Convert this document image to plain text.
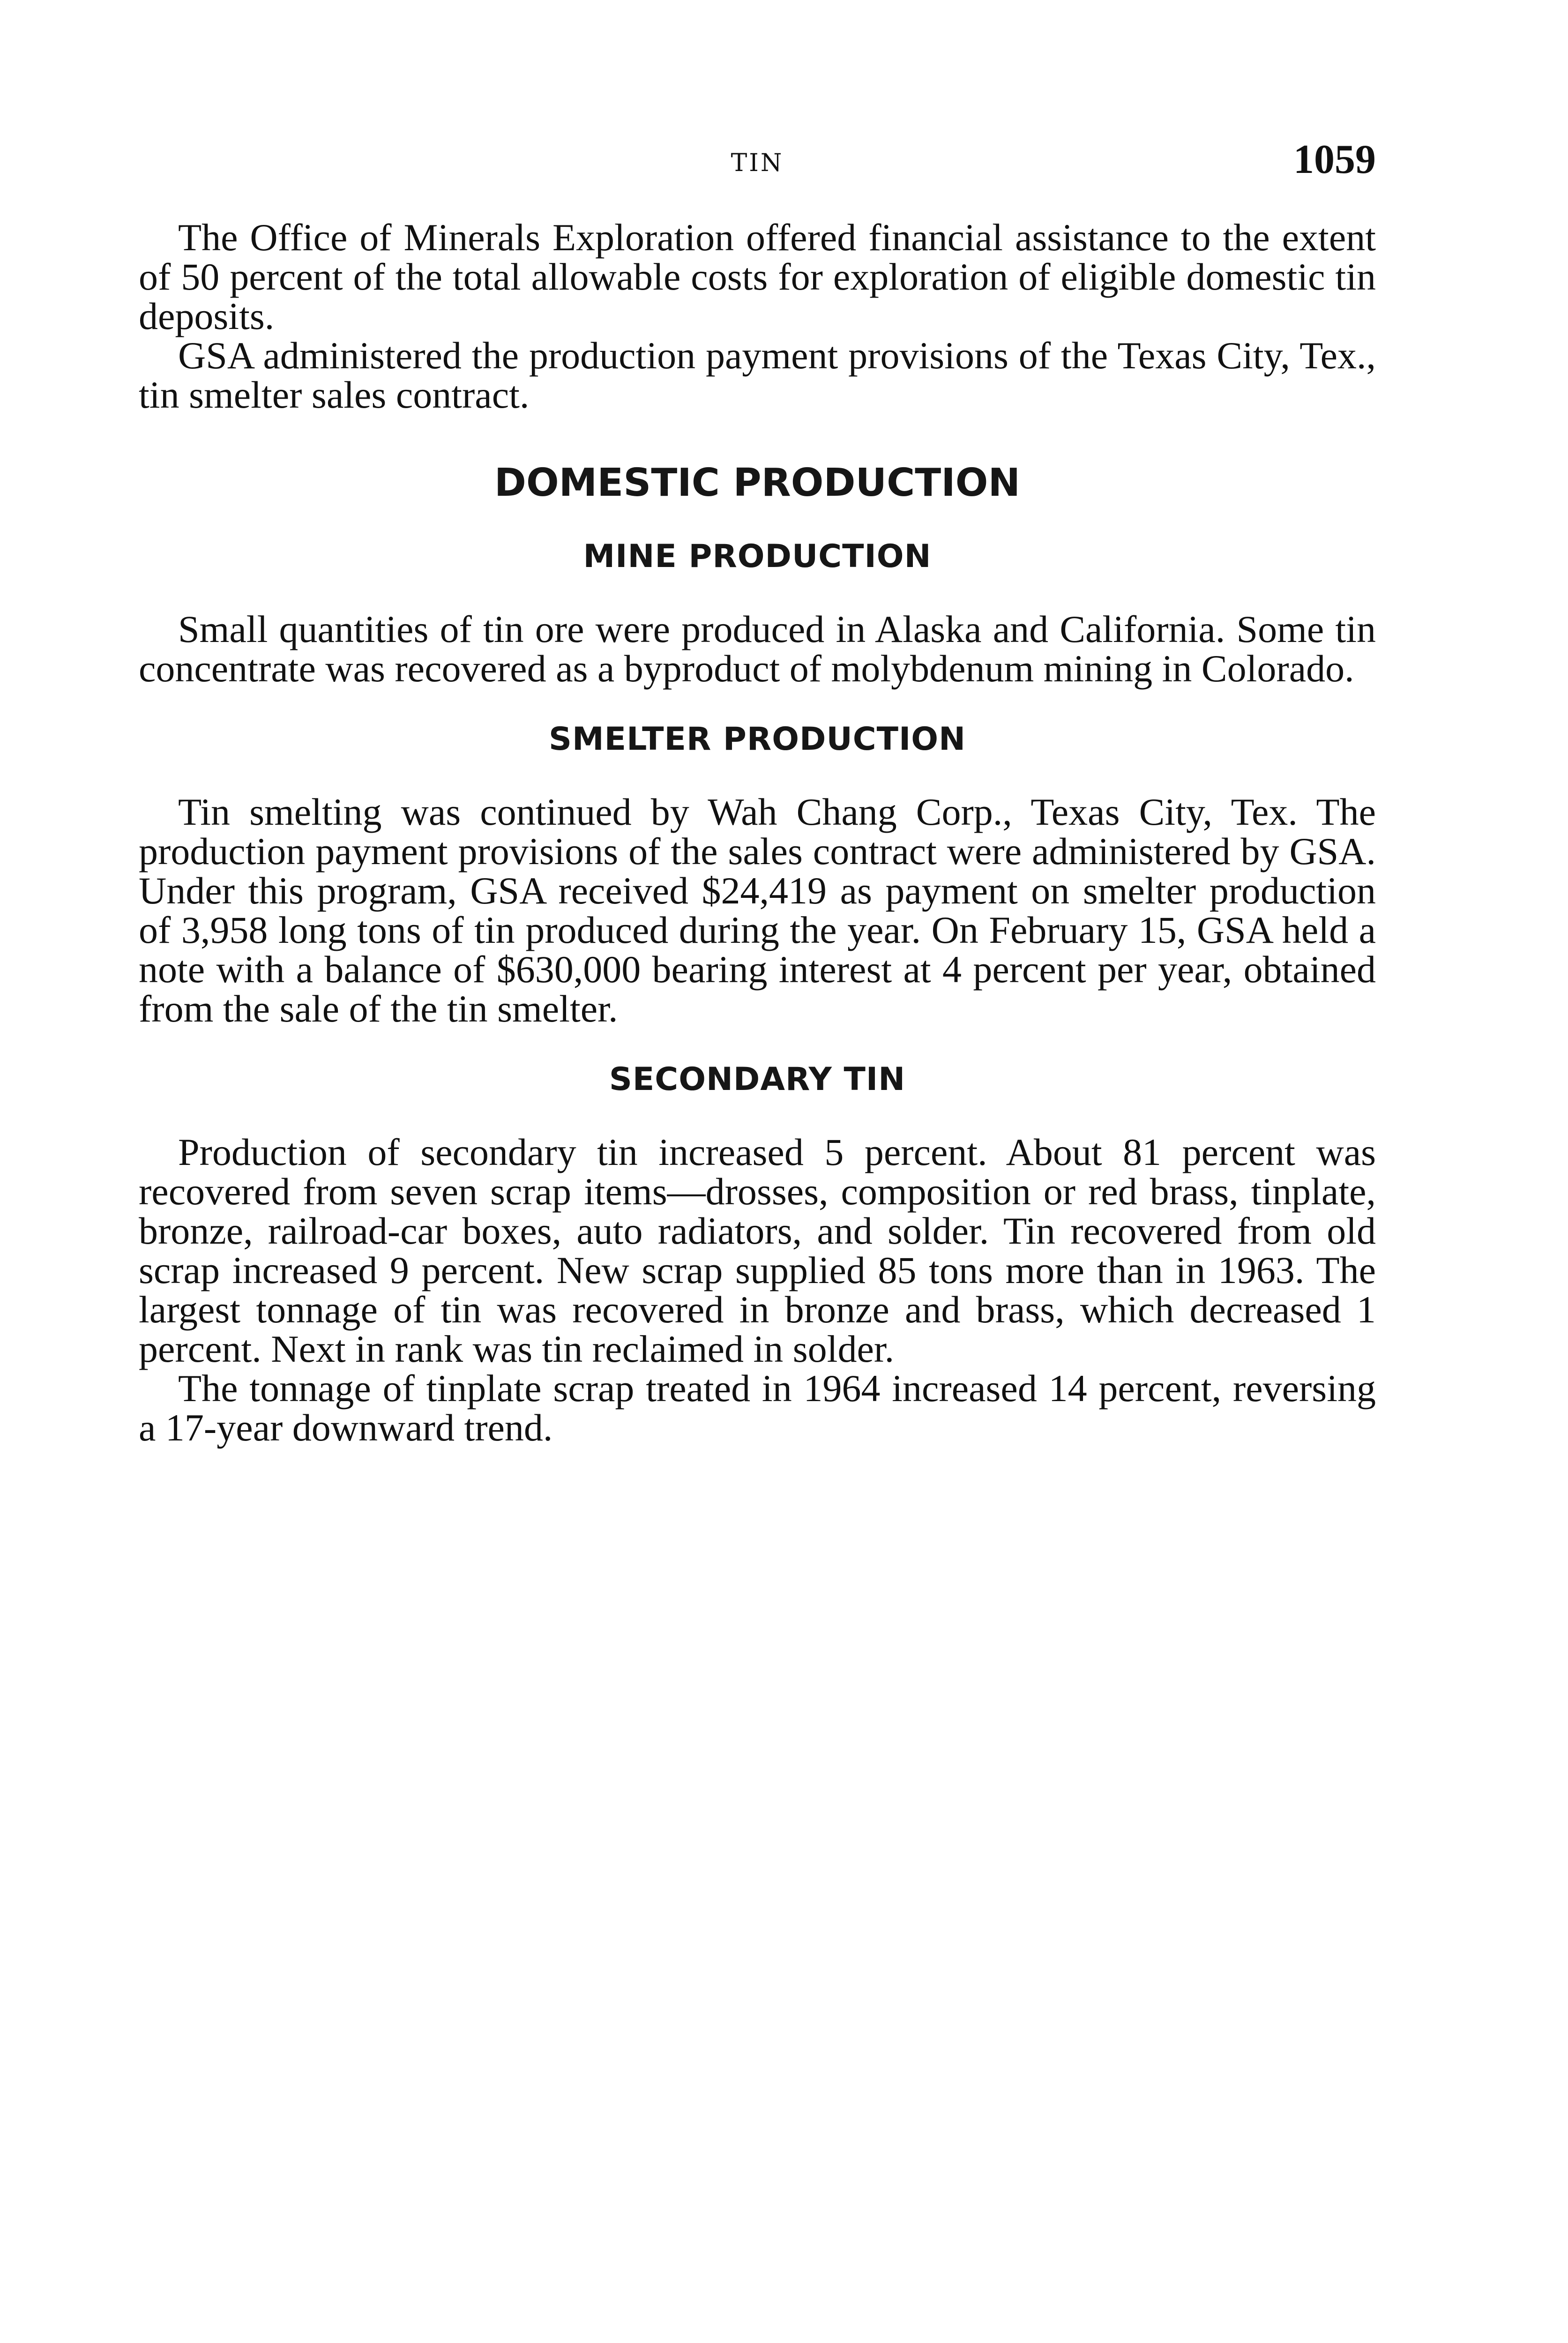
TIN	1059

The Office of Minerals Exploration offered financial assistance to the extent of 50 percent of the total allowable costs for exploration of eligible domestic tin deposits.

GSA administered the production payment provisions of the Texas City, Tex., tin smelter sales contract.

DOMESTIC PRODUCTION
MINE PRODUCTION

Small quantities of tin ore were produced in Alaska and California. Some tin concentrate was recovered as a byproduct of molybdenum mining in Colorado.

SMELTER PRODUCTION

Tin smelting was continued by Wah Chang Corp., Texas City, Tex. The production payment provisions of the sales contract were administered by GSA. Under this program, GSA received $24,419 as payment on smelter production of 3,958 long tons of tin produced during the year. On February 15, GSA held a note with a balance of $630,000 bearing interest at 4 percent per year, obtained from the sale of the tin smelter.

SECONDARY TIN

Production of secondary tin increased 5 percent. About 81 percent was recovered from seven scrap items—drosses, composition or red brass, tinplate, bronze, railroad-car boxes, auto radiators, and solder. Tin recovered from old scrap increased 9 percent. New scrap supplied 85 tons more than in 1963. The largest tonnage of tin was recovered in bronze and brass, which decreased 1 percent. Next in rank was tin reclaimed in solder.

The tonnage of tinplate scrap treated in 1964 increased 14 percent, reversing a 17-year downward trend.
